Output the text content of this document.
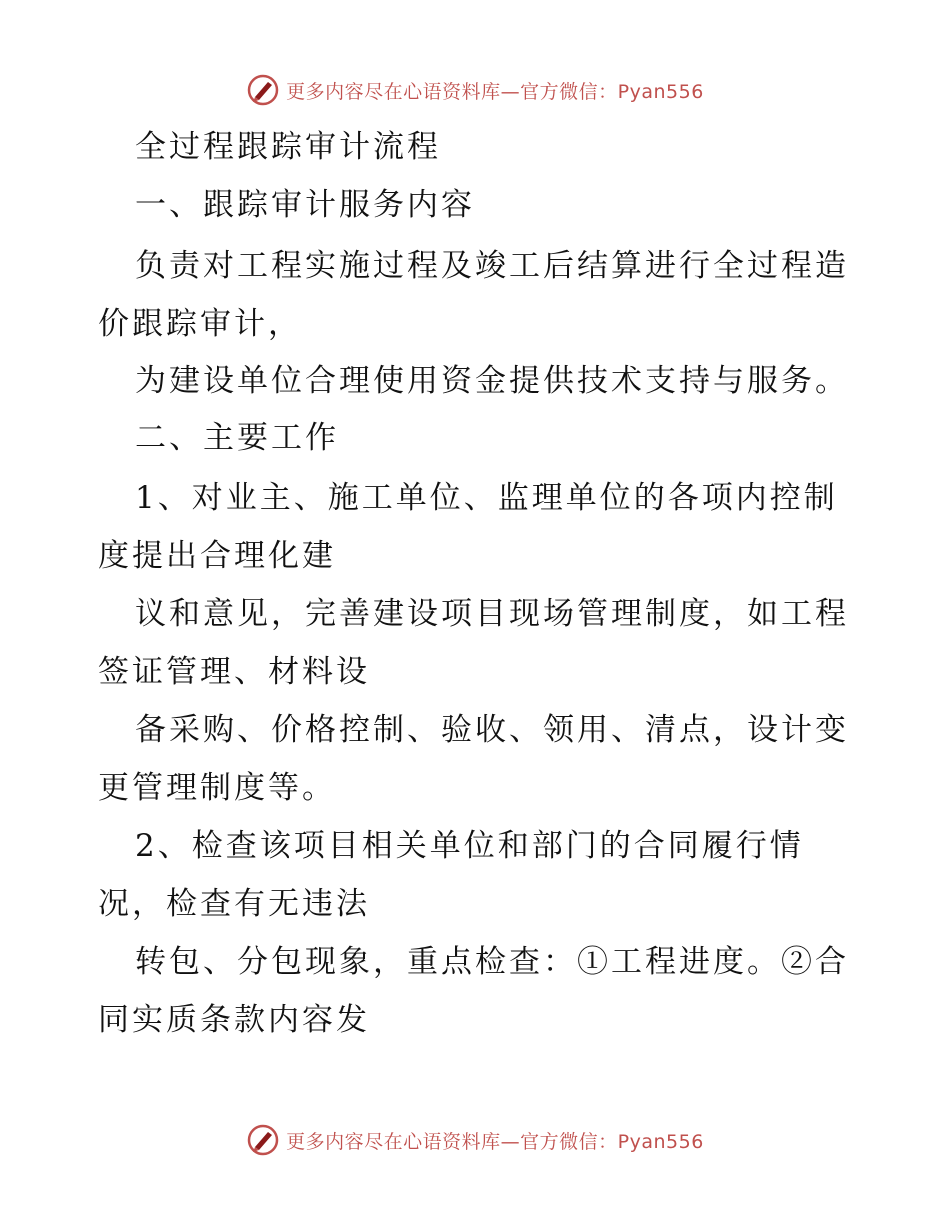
更多内容尽在心语资料库—官方微信：Pyan556
全过程跟踪审计流程
一、跟踪审计服务内容
负责对工程实施过程及竣工后结算进行全过程造
价跟踪审计，
为建设单位合理使用资金提供技术支持与服务。
二、主要工作
1、对业主、施工单位、监理单位的各项内控制
度提出合理化建
议和意见，完善建设项目现场管理制度，如工程
签证管理、材料设
备采购、价格控制、验收、领用、清点，设计变
更管理制度等。
2、检查该项目相关单位和部门的合同履行情
况，检查有无违法
转包、分包现象，重点检查：①工程进度。②合
同实质条款内容发
更多内容尽在心语资料库—官方微信：Pyan556
